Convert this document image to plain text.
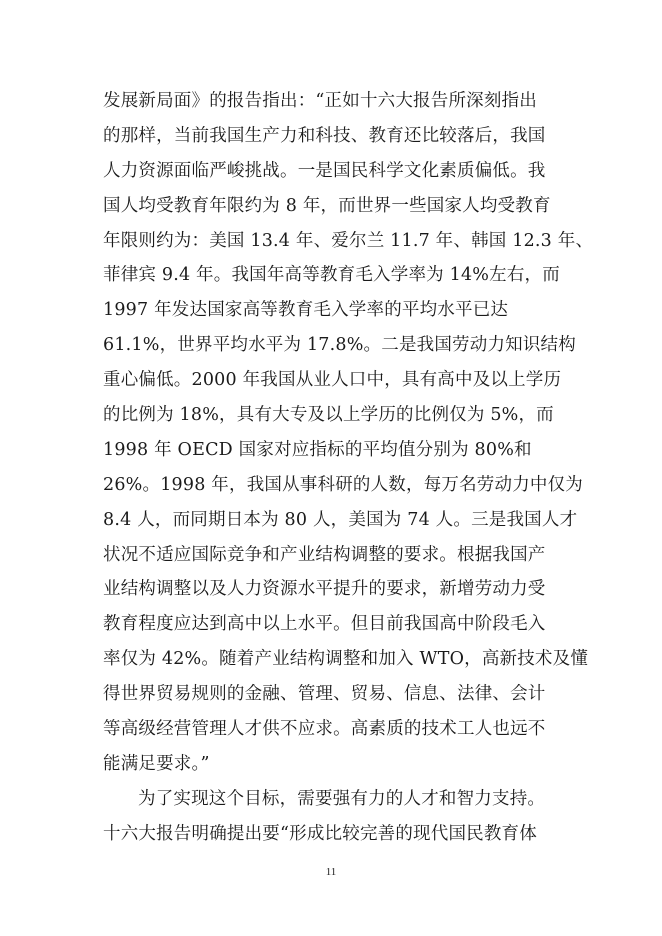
发展新局面》的报告指出：“正如十六大报告所深刻指出
的那样，当前我国生产力和科技、教育还比较落后，我国
人力资源面临严峻挑战。一是国民科学文化素质偏低。我
国人均受教育年限约为 8 年，而世界一些国家人均受教育
年限则约为：美国 13.4 年、爱尔兰 11.7 年、韩国 12.3 年、
菲律宾 9.4 年。我国年高等教育毛入学率为 14%左右，而
1997 年发达国家高等教育毛入学率的平均水平已达
61.1%，世界平均水平为 17.8%。二是我国劳动力知识结构
重心偏低。2000 年我国从业人口中，具有高中及以上学历
的比例为 18%，具有大专及以上学历的比例仅为 5%，而
1998 年 OECD 国家对应指标的平均值分别为 80%和
26%。1998 年，我国从事科研的人数，每万名劳动力中仅为
8.4 人，而同期日本为 80 人，美国为 74 人。三是我国人才
状况不适应国际竞争和产业结构调整的要求。根据我国产
业结构调整以及人力资源水平提升的要求，新增劳动力受
教育程度应达到高中以上水平。但目前我国高中阶段毛入
率仅为 42%。随着产业结构调整和加入 WTO，高新技术及懂
得世界贸易规则的金融、管理、贸易、信息、法律、会计
等高级经营管理人才供不应求。高素质的技术工人也远不
能满足要求。”
为了实现这个目标，需要强有力的人才和智力支持。
十六大报告明确提出要“形成比较完善的现代国民教育体
11
